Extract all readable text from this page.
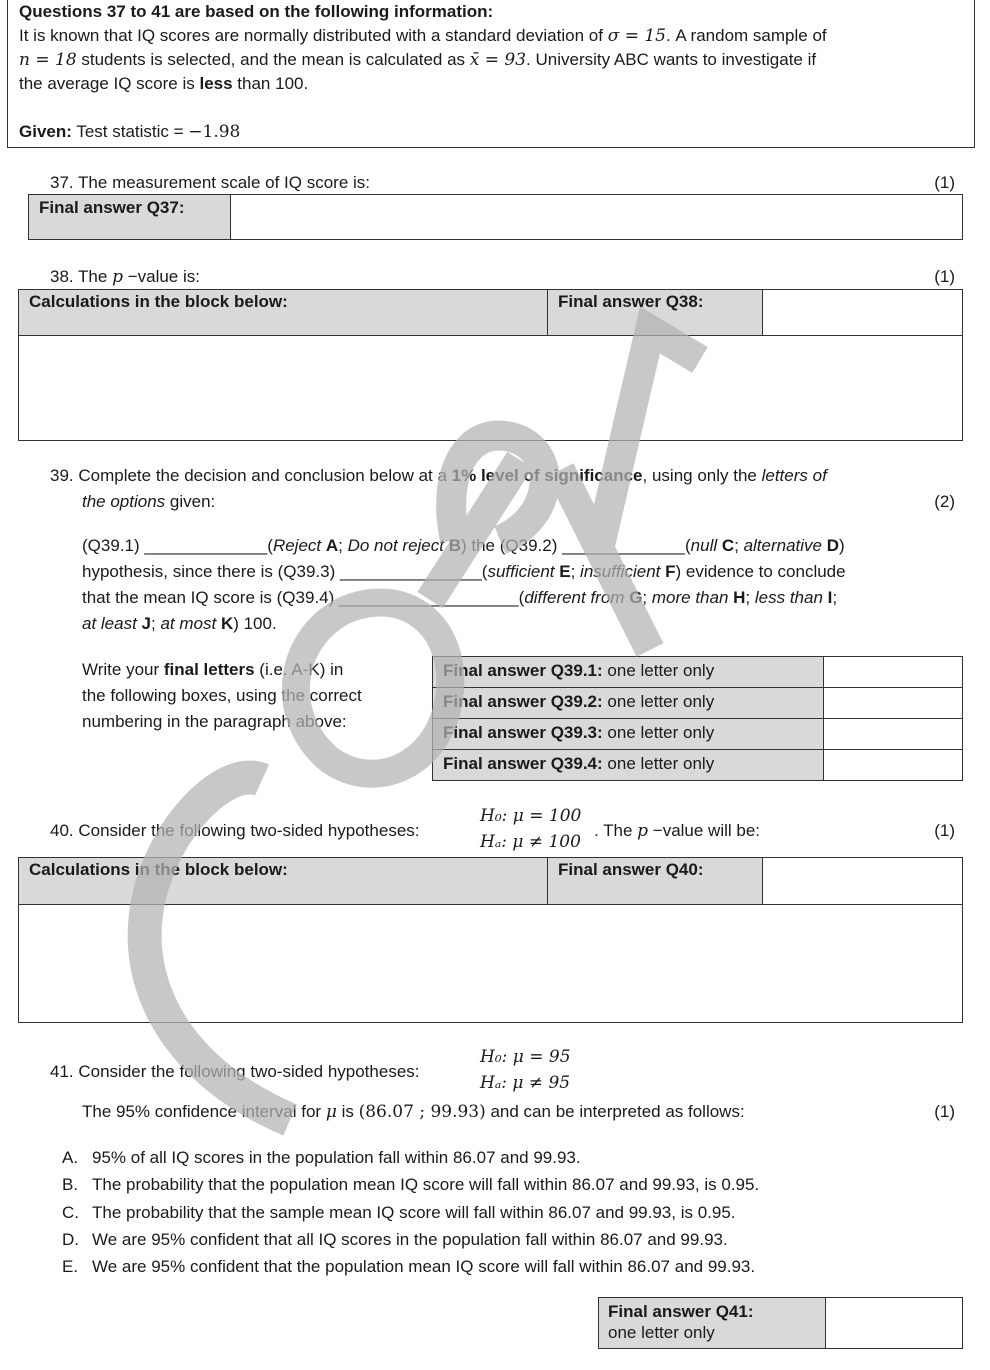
Questions 37 to 41 are based on the following information:
It is known that IQ scores are normally distributed with a standard deviation of σ = 15. A random sample of
n = 18 students is selected, and the mean is calculated as x̄ = 93. University ABC wants to investigate if
the average IQ score is less than 100.
Given: Test statistic = −1.98
37. The measurement scale of IQ score is:	(1)
Final answer Q37:
38. The p −value is:	(1)
Calculations in the block below:	Final answer Q38:
39. Complete the decision and conclusion below at a 1% level of significance, using only the letters of
the options given:	(2)
(Q39.1) _____________(Reject A; Do not reject B) the (Q39.2) _____________(null C; alternative D)
hypothesis, since there is (Q39.3) _______________(sufficient E; insufficient F) evidence to conclude
that the mean IQ score is (Q39.4) ___________________(different from G; more than H; less than I;
at least J; at most K) 100.
Write your final letters (i.e. A-K) in
the following boxes, using the correct
numbering in the paragraph above:
Final answer Q39.1: one letter only
Final answer Q39.2: one letter only
Final answer Q39.3: one letter only
Final answer Q39.4: one letter only
40. Consider the following two-sided hypotheses:
H₀: μ = 100
Hₐ: μ ≠ 100
. The p −value will be:	(1)
Calculations in the block below:	Final answer Q40:
41. Consider the following two-sided hypotheses:
H₀: μ = 95
Hₐ: μ ≠ 95
The 95% confidence interval for μ is (86.07 ; 99.93) and can be interpreted as follows:	(1)
A. 95% of all IQ scores in the population fall within 86.07 and 99.93.
B. The probability that the population mean IQ score will fall within 86.07 and 99.93, is 0.95.
C. The probability that the sample mean IQ score will fall within 86.07 and 99.93, is 0.95.
D. We are 95% confident that all IQ scores in the population fall within 86.07 and 99.93.
E. We are 95% confident that the population mean IQ score will fall within 86.07 and 99.93.
Final answer Q41:
one letter only
